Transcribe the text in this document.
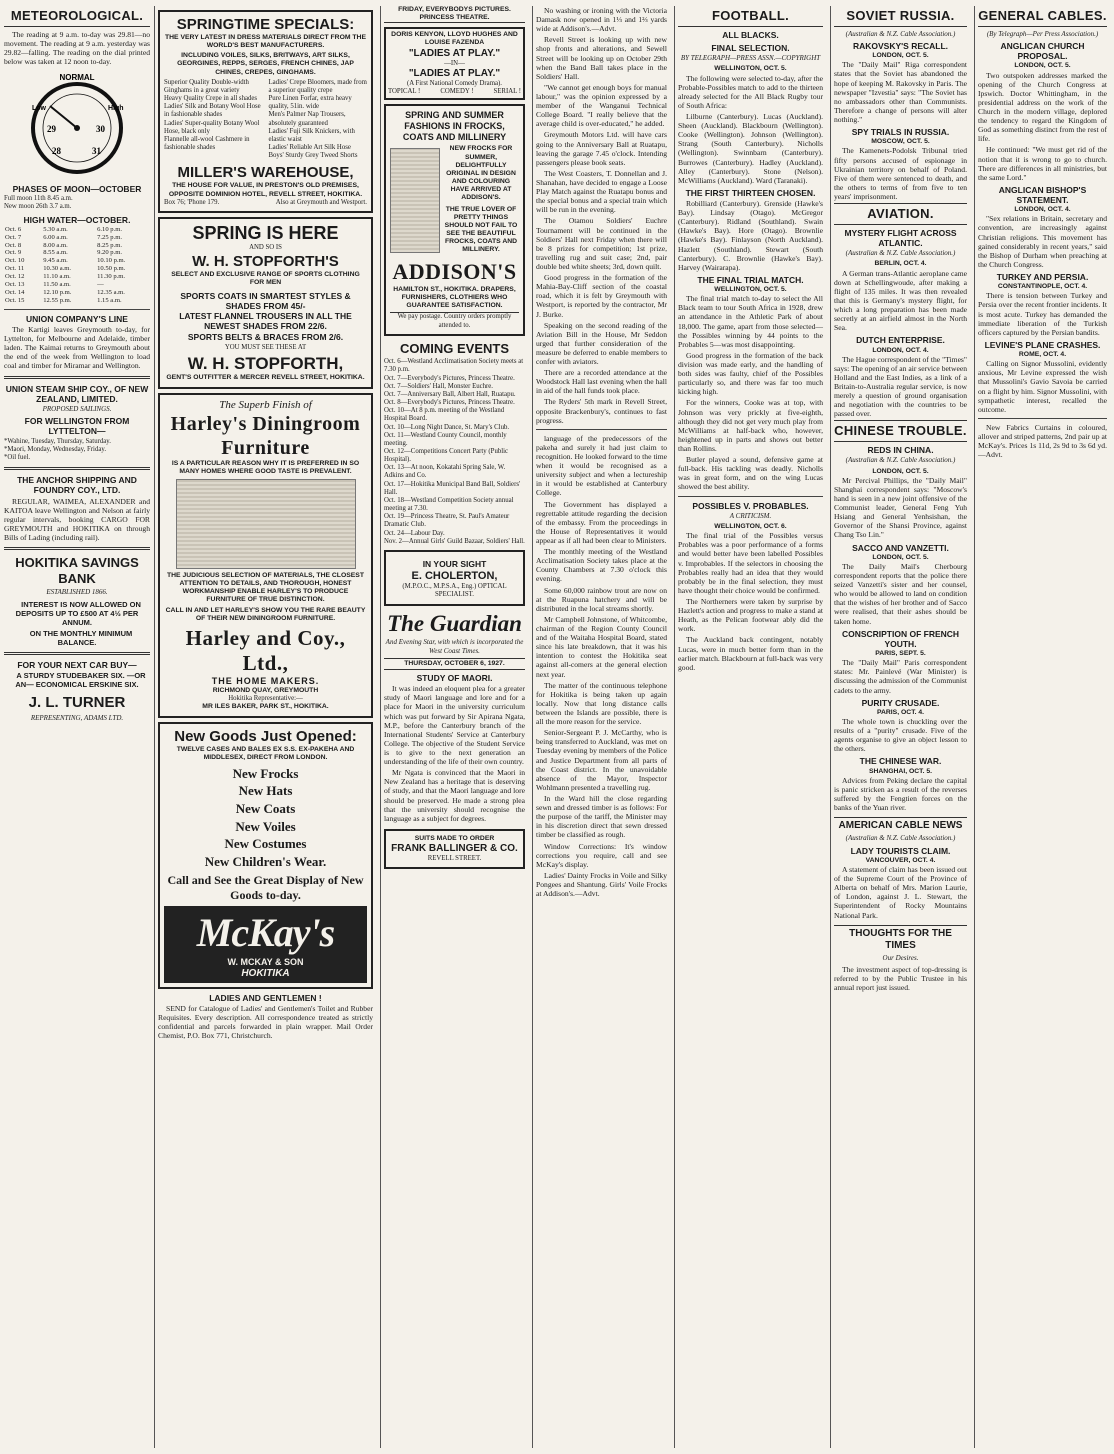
METEOROLOGICAL.

The reading at 9 a.m. to-day was 29.81—no movement. The reading at 9 a.m. yesterday was 29.82—falling. The reading on the dial printed below was taken at 12 noon to-day.

NORMAL
Low	High
28
29	30
31
PHASES OF MOON—OCTOBER
Full moon 11th 8.45 a.m.
New moon 26th 3.7 a.m.
HIGH WATER—OCTOBER.
Oct. 6	5.30 a.m.	6.10 p.m.
Oct. 7	6.00 a.m.	7.25 p.m.
Oct. 8	8.00 a.m.	8.25 p.m.
Oct. 9	8.55 a.m.	9.20 p.m.
Oct. 10	9.45 a.m.	10.10 p.m.
Oct. 11	10.30 a.m.	10.50 p.m.
Oct. 12	11.10 a.m.	11.30 p.m.
Oct. 13	11.50 a.m.	—
Oct. 14	12.10 p.m.	12.35 a.m.
Oct. 15	12.55 p.m.	1.15 a.m.
UNION COMPANY'S LINE

The Kartigi leaves Greymouth to-day, for Lyttelton, for Melbourne and Adelaide, timber laden. The Kaimai returns to Greymouth about the end of the week from Wellington to load coal and timber for Miramar and Wellington.

UNION STEAM SHIP COY., OF NEW ZEALAND, LIMITED.
PROPOSED SAILINGS.
FOR WELLINGTON FROM LYTTELTON—
*Wahine, Tuesday, Thursday, Saturday.
*Maori, Monday, Wednesday, Friday.
*Oil fuel.
THE ANCHOR SHIPPING AND FOUNDRY COY., LTD.

REGULAR, WAIMEA, ALEXANDER and KAITOA leave Wellington and Nelson at fairly regular intervals, booking CARGO FOR GREYMOUTH and HOKITIKA on through Bills of Lading (including rail).

HOKITIKA SAVINGS BANK
ESTABLISHED 1866.

INTEREST IS NOW ALLOWED ON DEPOSITS UP TO £500 AT 4½ PER ANNUM.

ON THE MONTHLY MINIMUM BALANCE.

FOR YOUR NEXT CAR BUY—

A STURDY STUDEBAKER SIX. —OR AN— ECONOMICAL ERSKINE SIX.

J. L. TURNER
REPRESENTING, ADAMS LTD.
SPRINGTIME SPECIALS:
THE VERY LATEST IN DRESS MATERIALS DIRECT FROM THE WORLD'S BEST MANUFACTURERS.
INCLUDING VOILES, SILKS, BRITWAYS, ART SILKS, GEORGINES, REPPS, SERGES, FRENCH CHINES, JAP CHINES, CREPES, GINGHAMS.
Superior Quality Double-width Ginghams in a great variety
Heavy Quality Crepe in all shades
Ladies' Silk and Botany Wool Hose in fashionable shades
Ladies' Super-quality Botany Wool Hose, black only
Flannelle all-wool Cashmere in fashionable shades
Ladies' Crepe Bloomers, made from a superior quality crepe
Pure Linen Forfar, extra heavy quality, 51in. wide
Men's Palmer Nap Trousers, absolutely guaranteed
Ladies' Fuji Silk Knickers, with elastic waist
Ladies' Reliable Art Silk Hose
Boys' Sturdy Grey Tweed Shorts
MILLER'S WAREHOUSE,
THE HOUSE FOR VALUE, IN PRESTON'S OLD PREMISES, OPPOSITE DOMINION HOTEL, REVELL STREET, HOKITIKA.
Box 76; 'Phone 179.	Also at Greymouth and Westport.
SPRING IS HERE
AND SO IS
W. H. STOPFORTH'S
SELECT AND EXCLUSIVE RANGE OF SPORTS CLOTHING FOR MEN
SPORTS COATS IN SMARTEST STYLES & SHADES FROM 45/-
LATEST FLANNEL TROUSERS IN ALL THE NEWEST SHADES FROM 22/6.
SPORTS BELTS & BRACES FROM 2/6.
YOU MUST SEE THESE AT
W. H. STOPFORTH,
GENT'S OUTFITTER & MERCER REVELL STREET, HOKITIKA.
The Superb Finish of
Harley's Diningroom Furniture
IS A PARTICULAR REASON WHY IT IS PREFERRED IN SO MANY HOMES WHERE GOOD TASTE IS PREVALENT.
THE JUDICIOUS SELECTION OF MATERIALS, THE CLOSEST ATTENTION TO DETAILS, AND THOROUGH, HONEST WORKMANSHIP ENABLE HARLEY'S TO PRODUCE FURNITURE OF TRUE DISTINCTION.
CALL IN AND LET HARLEY'S SHOW YOU THE RARE BEAUTY OF THEIR NEW DININGROOM FURNITURE.
Harley and Coy., Ltd.,
THE HOME MAKERS.
RICHMOND QUAY, GREYMOUTH
Hokitika Representative:—
MR ILES BAKER, PARK ST., HOKITIKA.
New Goods Just Opened:
TWELVE CASES AND BALES EX S.S. EX-PAKEHA AND MIDDLESEX, DIRECT FROM LONDON.
New Frocks
New Hats
New Coats
New Voiles
New Costumes
New Children's Wear.
Call and See the Great Display of New Goods to-day.
McKay's
W. MCKAY & SON
HOKITIKA
LADIES AND GENTLEMEN !

SEND for Catalogue of Ladies' and Gentlemen's Toilet and Rubber Requisites. Every description. All correspondence treated as strictly confidential and parcels forwarded in plain wrapper. Mail Order Chemist, P.O. Box 771, Christchurch.

FRIDAY, EVERYBODYS PICTURES. PRINCESS THEATRE.
DORIS KENYON, LLOYD HUGHES AND LOUISE FAZENDA
"LADIES AT PLAY."
—IN—
"LADIES AT PLAY."
(A First National Comedy Drama).
TOPICAL !	COMEDY !	SERIAL !
SPRING AND SUMMER FASHIONS IN FROCKS, COATS AND MILLINERY
NEW FROCKS FOR SUMMER, DELIGHTFULLY ORIGINAL IN DESIGN AND COLOURING HAVE ARRIVED AT ADDISON'S.
THE TRUE LOVER OF PRETTY THINGS SHOULD NOT FAIL TO SEE THE BEAUTIFUL FROCKS, COATS AND MILLINERY.
ADDISON'S
HAMILTON ST., HOKITIKA. DRAPERS, FURNISHERS, CLOTHIERS WHO GUARANTEE SATISFACTION.
We pay postage. Country orders promptly attended to.
COMING EVENTS
Oct. 6—Westland Acclimatisation Society meets at 7.30 p.m.
Oct. 7—Everybody's Pictures, Princess Theatre.
Oct. 7—Soldiers' Hall, Monster Euchre.
Oct. 7—Anniversary Ball, Albert Hall, Ruatapu.
Oct. 8—Everybody's Pictures, Princess Theatre.
Oct. 10—At 8 p.m. meeting of the Westland Hospital Board.
Oct. 10—Long Night Dance, St. Mary's Club.
Oct. 11—Westland County Council, monthly meeting.
Oct. 12—Competitions Concert Party (Public Hospital).
Oct. 13—At noon, Kokatahi Spring Sale, W. Adkins and Co.
Oct. 17—Hokitika Municipal Band Ball, Soldiers' Hall.
Oct. 18—Westland Competition Society annual meeting at 7.30.
Oct. 19—Princess Theatre, St. Paul's Amateur Dramatic Club.
Oct. 24—Labour Day.
Nov. 2—Annual Girls' Guild Bazaar, Soldiers' Hall.
IN YOUR SIGHT
E. CHOLERTON,
(M.P.O.C., M.P.S.A., Eng.) OPTICAL SPECIALIST.
The Guardian
And Evening Star, with which is incorporated the West Coast Times.
THURSDAY, OCTOBER 6, 1927.
STUDY OF MAORI.

It was indeed an eloquent plea for a greater study of Maori language and lore and for a place for Maori in the university curriculum which was put forward by Sir Apirana Ngata, M.P., before the Canterbury branch of the International Students' Service at Canterbury College. The objective of the Student Service is to give to the next generation an understanding of the life of their own country.

Mr Ngata is convinced that the Maori in New Zealand has a heritage that is deserving of study, and that the Maori language and lore should be preserved. He made a strong plea that the university should recognise the language as a subject for degrees.

SUITS MADE TO ORDER
FRANK BALLINGER & CO.
REVELL STREET.

No washing or ironing with the Victoria Damask now opened in 1⅓ and 1⅔ yards wide at Addison's.—Advt.

Revell Street is looking up with new shop fronts and alterations, and Sewell Street will be looking up on October 29th when the Band Ball takes place in the Soldiers' Hall.

"We cannot get enough boys for manual labour," was the opinion expressed by a member of the Wanganui Technical College Board. "I really believe that the average child is over-educated," he added.

Greymouth Motors Ltd. will have cars going to the Anniversary Ball at Ruatapu, leaving the garage 7.45 o'clock. Intending passengers please book seats.

The West Coasters, T. Donnellan and J. Shanahan, have decided to engage a Loose Play Match against the Ruatapu bonus and the special bonus and a special train which will be run in the evening.

The Otamou Soldiers' Euchre Tournament will be continued in the Soldiers' Hall next Friday when there will be 8 prizes for competition; 1st prize, travelling rug and suit case; 2nd, pair double bed white sheets; 3rd, down quilt.

Good progress in the formation of the Mahia-Bay-Cliff section of the coastal road, which it is felt by Greymouth with Westport, is reported by the contractor, Mr J. Burke.

Speaking on the second reading of the Aviation Bill in the House, Mr Seddon urged that further consideration of the measure be deferred to enable members to confer with aviators.

There are a recorded attendance at the Woodstock Hall last evening when the hall in aid of the hall funds took place.

The Ryders' 5th mark in Revell Street, opposite Brackenbury's, continues to fast progress.

language of the predecessors of the pakeha and surely it had just claim to recognition. He looked forward to the time when it would be recognised as a university subject and when a lectureship in it would be established at Canterbury College.

The Government has displayed a regrettable attitude regarding the decision of the embassy. From the proceedings in the House of Representatives it would appear as if all had been clear to Ministers.

The monthly meeting of the Westland Acclimatisation Society takes place at the County Chambers at 7.30 o'clock this evening.

Some 60,000 rainbow trout are now on at the Ruapuna hatchery and will be distributed in the local streams shortly.

Mr Campbell Johnstone, of Whitcombe, chairman of the Region County Council and of the Waitaha Hospital Board, stated since his late breakdown, that it was his intention to contest the Hokitika seat against all-comers at the general election next year.

The matter of the continuous telephone for Hokitika is being taken up again locally. Now that long distance calls between the Islands are possible, there is all the more reason for the service.

Senior-Sergeant P. J. McCarthy, who is being transferred to Auckland, was met on Tuesday evening by members of the Police and Justice Department from all parts of the Coast district. In the unavoidable absence of the Mayor, Inspector Wohlmann presented a travelling rug.

In the Ward hill the close regarding sewn and dressed timber is as follows: For the purpose of the tariff, the Minister may in his discretion direct that sewn dressed timber be classified as rough.

Window Corrections: It's window corrections you require, call and see McKay's display.

Ladies' Dainty Frocks in Voile and Silky Pongees and Shantung. Girls' Voile Frocks at Addison's.—Advt.

FOOTBALL.
ALL BLACKS.
FINAL SELECTION.
BY TELEGRAPH—PRESS ASSN.—COPYRIGHT
WELLINGTON, OCT. 5.

The following were selected to-day, after the Probable-Possibles match to add to the thirteen already selected for the All Black Rugby tour of South Africa:

Lilburne (Canterbury). Lucas (Auckland). Sheen (Auckland). Blackbourn (Wellington). Cooke (Wellington). Johnson (Wellington). Strang (South Canterbury). Nicholls (Wellington). Swinnbarn (Canterbury). Burrowes (Canterbury). Hadley (Auckland). Alley (Canterbury). Stone (Nelson). McWilliams (Auckland). Ward (Taranaki).

THE FIRST THIRTEEN CHOSEN.

Robilliard (Canterbury). Grenside (Hawke's Bay). Lindsay (Otago). McGregor (Canterbury). Ridland (Southland). Swain (Hawke's Bay). Hore (Otago). Brownlie (Hawke's Bay). Finlayson (North Auckland). Hazlett (Southland). Stewart (South Canterbury). C. Brownlie (Hawke's Bay). Harvey (Wairarapa).

THE FINAL TRIAL MATCH.
WELLINGTON, OCT. 5.

The final trial match to-day to select the All Black team to tour South Africa in 1928, drew an attendance in the Athletic Park of about 18,000. The game, apart from those selected—the Possibles winning by 44 points to the Probables 5—was most disappointing.

Good progress in the formation of the back division was made early, and the handling of both sides was faulty, chief of the Possibles particularly so, and there was far too much kicking high.

For the winners, Cooke was at top, with Johnson was very prickly at five-eighth, although they did not get very much play from McWilliams at half-back who, however, heightened up in parts and shows out better than Rollins.

Butler played a sound, defensive game at full-back. His tackling was deadly. Nicholls was in great form, and on the wing Lucas showed the best ability.

POSSIBLES V. PROBABLES.
A CRITICISM.
WELLINGTON, OCT. 6.

The final trial of the Possibles versus Probables was a poor performance of a forms and would better have been labelled Possibles v. Improbables. If the selectors in choosing the Probables really had an idea that they would probably be in the final selection, they must have thought their choice would be confirmed.

The Northerners were taken by surprise by Hazlett's action and progress to make a stand at Heath, as the Pelican footwear ably did the work.

The Auckland back contingent, notably Lucas, were in much better form than in the earlier match. Blackbourn at full-back was very good.

SOVIET RUSSIA.
(Australian & N.Z. Cable Association.)
RAKOVSKY'S RECALL.
LONDON, OCT. 5.

The "Daily Mail" Riga correspondent states that the Soviet has abandoned the hope of keeping M. Rakovsky in Paris. The newspaper "Izvestia" says: "The Soviet has no ambassadors other than Communists. Therefore a change of persons will alter nothing."

SPY TRIALS IN RUSSIA.
MOSCOW, OCT. 5.

The Kamenets-Podolsk Tribunal tried fifty persons accused of espionage in Ukrainian territory on behalf of Poland. Five of them were sentenced to death, and the others to terms of from five to ten years' imprisonment.

AVIATION.
MYSTERY FLIGHT ACROSS ATLANTIC.
(Australian & N.Z. Cable Association.)
BERLIN, OCT. 4.

A German trans-Atlantic aeroplane came down at Schellingwoude, after making a flight of 135 miles. It was then revealed that this is Germany's mystery flight, for which a long preparation has been made secretly at an airfield almost in the North Sea.

DUTCH ENTERPRISE.
LONDON, OCT. 4.

The Hague correspondent of the "Times" says: The opening of an air service between Holland and the East Indies, as a link of a Britain-to-Australia regular service, is now merely a question of ground organisation and negotiation with the countries to be passed over.

CHINESE TROUBLE.
REDS IN CHINA.
(Australian & N.Z. Cable Association.)
LONDON, OCT. 5.

Mr Percival Phillips, the "Daily Mail" Shanghai correspondent says: "Moscow's hand is seen in a new joint offensive of the Communist leader, General Feng Yuh Hsiang and General Yenhsishan, the Governor of the Shansi Province, against Chang Tso Lin."

SACCO AND VANZETTI.
LONDON, OCT. 5.

The Daily Mail's Cherbourg correspondent reports that the police there seized Vanzetti's sister and her counsel, who would be allowed to land on condition that the wishes of her brother and of Sacco were realised, that their ashes should be taken home.

CONSCRIPTION OF FRENCH YOUTH.
PARIS, SEPT. 5.

The "Daily Mail" Paris correspondent states: Mr. Painlevé (War Minister) is discussing the admission of the Communist cadets to the army.

PURITY CRUSADE.
PARIS, OCT. 4.

The whole town is chuckling over the results of a "purity" crusade. Five of the agents organise to give an object lesson to the others.

THE CHINESE WAR.
SHANGHAI, OCT. 5.

Advices from Peking declare the capital is panic stricken as a result of the reverses suffered by the Fengtien forces on the banks of the Yuan river.

AMERICAN CABLE NEWS
(Australian & N.Z. Cable Association.)
LADY TOURISTS CLAIM.
VANCOUVER, OCT. 4.

A statement of claim has been issued out of the Supreme Court of the Province of Alberta on behalf of Mrs. Marion Laurie, of London, against J. L. Stewart, the Superintendent of Rocky Mountains National Park.

THOUGHTS FOR THE TIMES
Our Desires.

The investment aspect of top-dressing is referred to by the Public Trustee in his annual report just issued.

GENERAL CABLES.
(By Telegraph—Per Press Association.)
ANGLICAN CHURCH PROPOSAL.
LONDON, OCT. 5.

Two outspoken addresses marked the opening of the Church Congress at Ipswich. Doctor Whittingham, in the presidential address on the work of the Church in the modern village, deplored the tendency to regard the Kingdom of God as something distinct from the rest of life.

He continued: "We must get rid of the notion that it is wrong to go to church. There are differences in all ministries, but the same Lord."

ANGLICAN BISHOP'S STATEMENT.
LONDON, OCT. 4.

"Sex relations in Britain, secretary and convention, are increasingly against Christian religions. This movement has gained considerably in recent years," said the Bishop of Durham when preaching at the Church Congress.

TURKEY AND PERSIA.
CONSTANTINOPLE, OCT. 4.

There is tension between Turkey and Persia over the recent frontier incidents. It is most acute. Turkey has demanded the immediate liberation of the Turkish officers captured by the Persian bandits.

LEVINE'S PLANE CRASHES.
ROME, OCT. 4.

Calling on Signor Mussolini, evidently anxious, Mr Levine expressed the wish that Mussolini's Gavio Savoia be carried on a flight by him. Signor Mussolini, with sympathetic interest, recalled the outcome.

New Fabrics Curtains in coloured, allover and striped patterns, 2nd pair up at McKay's. Prices 1s 11d, 2s 9d to 3s 6d yd.—Advt.
